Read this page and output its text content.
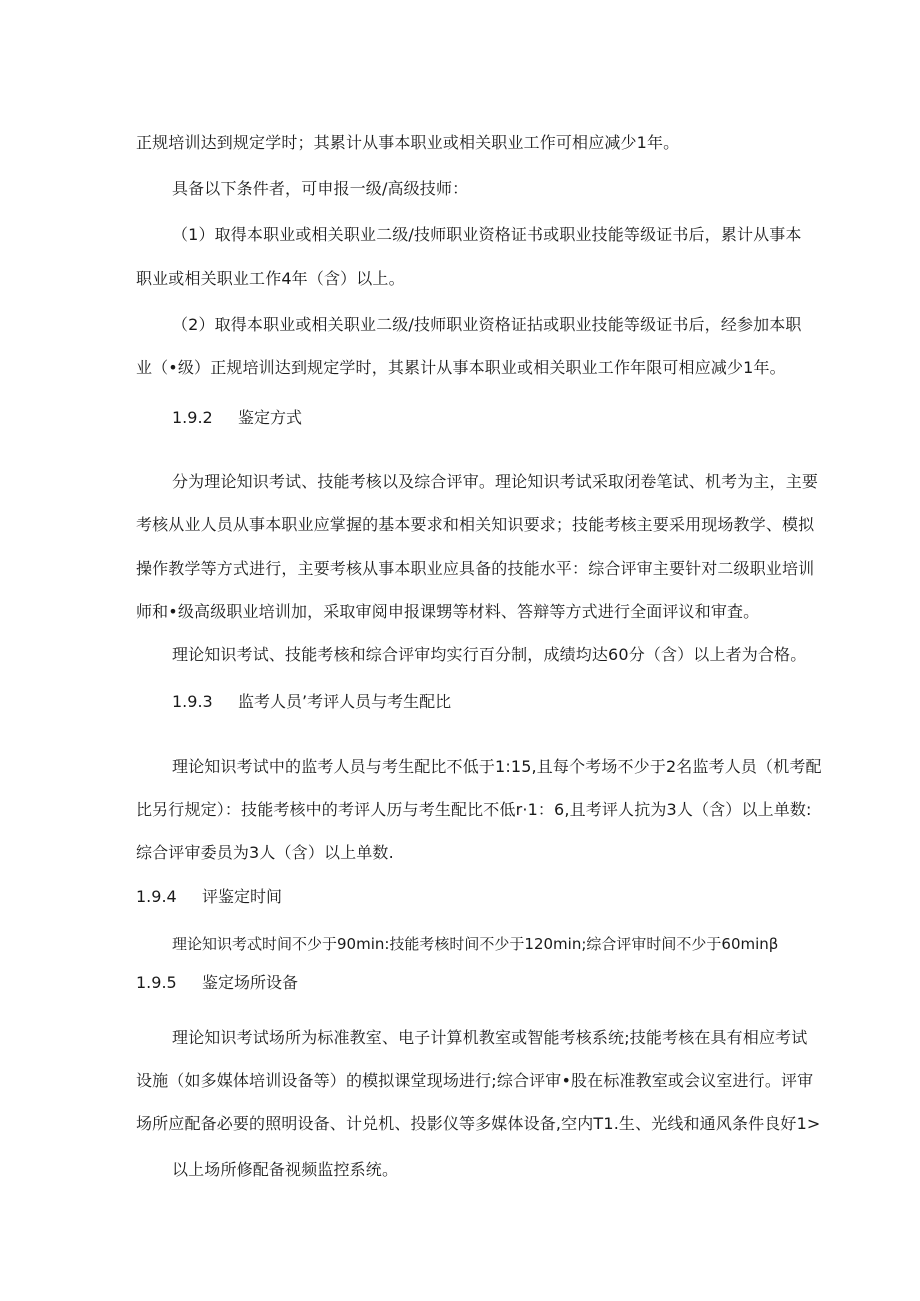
正规培训达到规定学时；其累计从事本职业或相关职业工作可相应减少1年。
具备以下条件者，可申报一级/高级技师：
（1）取得本职业或相关职业二级/技师职业资格证书或职业技能等级证书后，累计从事本
职业或相关职业工作4年（含）以上。
（2）取得本职业或相关职业二级/技师职业资格证拈或职业技能等级证书后，经参加本职
业（•级）正规培训达到规定学时，其累计从事本职业或相关职业工作年限可相应减少1年。
1.9.2 鉴定方式
分为理论知识考试、技能考核以及综合评审。理论知识考试采取闭卷笔试、机考为主，主要
考核从业人员从事本职业应掌握的基本要求和相关知识要求；技能考核主要采用现场教学、模拟
操作教学等方式进行，主要考核从事本职业应具备的技能水平：综合评审主要针对二级职业培训
师和•级高级职业培训加，采取审阅申报课甥等材料、答辩等方式进行全面评议和审査。
理论知识考试、技能考核和综合评审均实行百分制，成绩均达60分（含）以上者为合格。
1.9.3 监考人员’考评人员与考生配比
理论知识考试中的监考人员与考生配比不低于1:15,且每个考场不少于2名监考人员（机考配
比另行规定）：技能考核中的考评人历与考生配比不低r·1：6,且考评人抗为3人（含）以上单数:
综合评审委员为3人（含）以上单数.
1.9.4 评鉴定时间
理论知识考忒时间不少于90min:技能考核时间不少于120min;综合评审时间不少于60minβ
1.9.5 鉴定场所设备
理论知识考试场所为标准教室、电子计算机教室或智能考核系统;技能考核在具有相应考试
设施（如多媒体培训设备等）的模拟课堂现场进行;综合评审•股在标准教室或会议室进行。评审
场所应配备必要的照明设备、计兑机、投影仪等多媒体设备,空内T1.生、光线和通风条件良好1>
以上场所修配备视频监控系统。
